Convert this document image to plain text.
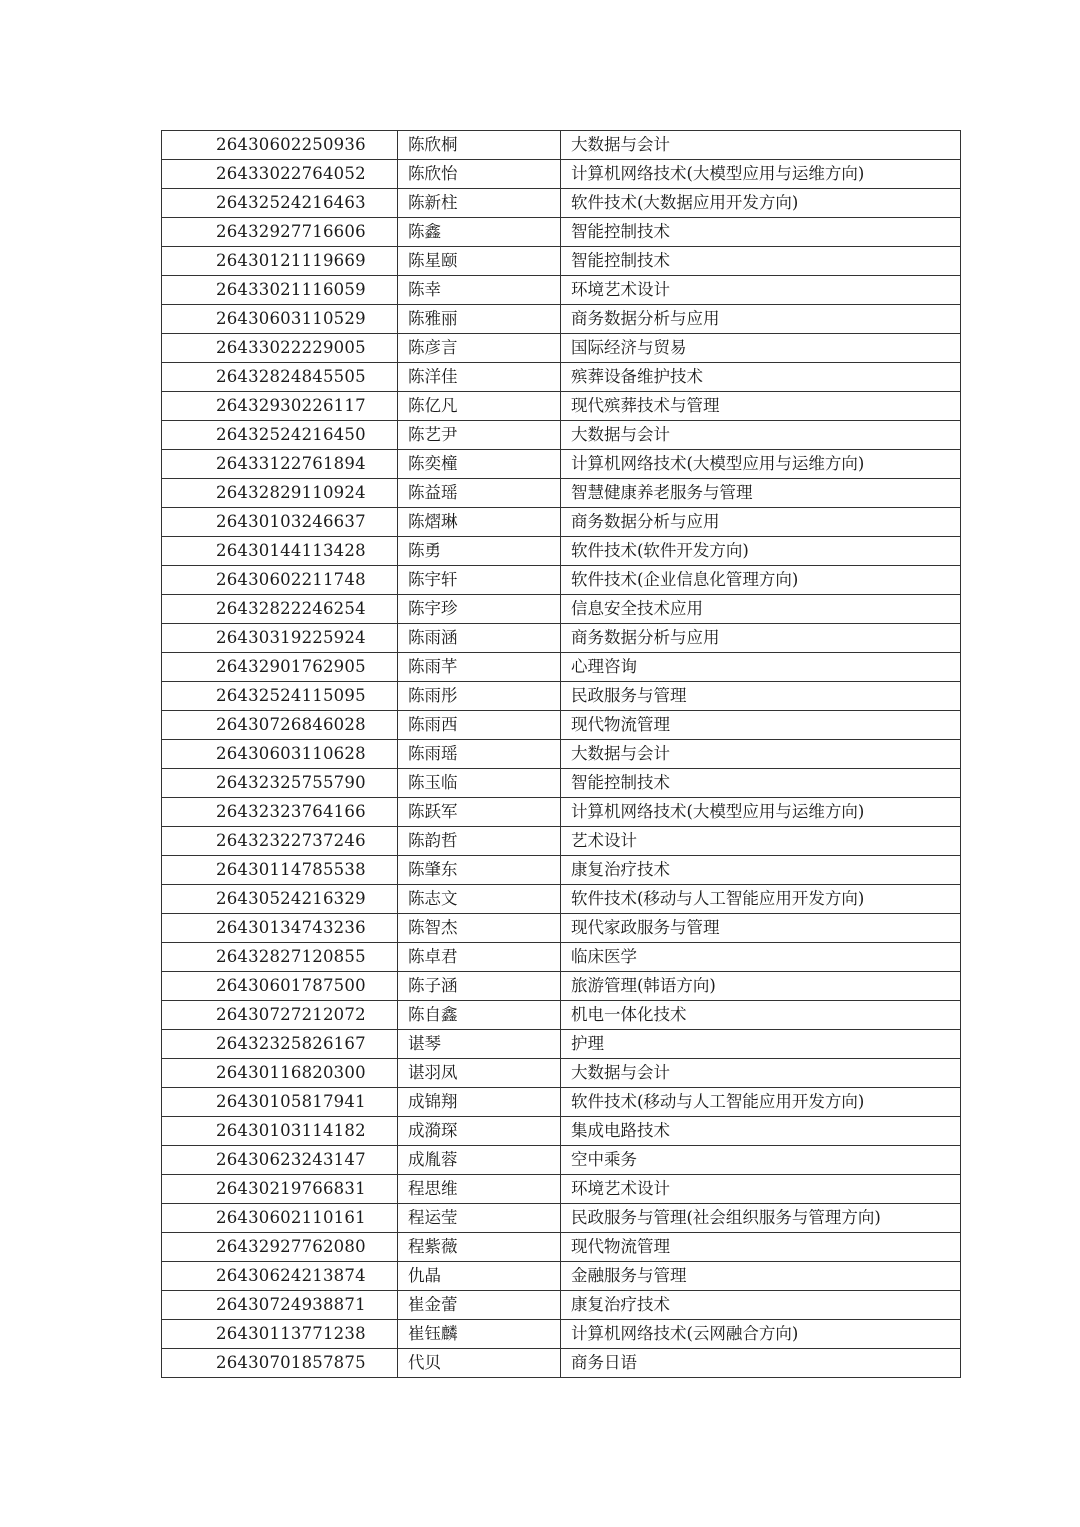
26430602250936	陈欣桐	大数据与会计
26433022764052	陈欣怡	计算机网络技术(大模型应用与运维方向)
26432524216463	陈新柱	软件技术(大数据应用开发方向)
26432927716606	陈鑫	智能控制技术
26430121119669	陈星颐	智能控制技术
26433021116059	陈幸	环境艺术设计
26430603110529	陈雅丽	商务数据分析与应用
26433022229005	陈彦言	国际经济与贸易
26432824845505	陈洋佳	殡葬设备维护技术
26432930226117	陈亿凡	现代殡葬技术与管理
26432524216450	陈艺尹	大数据与会计
26433122761894	陈奕橦	计算机网络技术(大模型应用与运维方向)
26432829110924	陈益瑶	智慧健康养老服务与管理
26430103246637	陈熠琳	商务数据分析与应用
26430144113428	陈勇	软件技术(软件开发方向)
26430602211748	陈宇轩	软件技术(企业信息化管理方向)
26432822246254	陈宇珍	信息安全技术应用
26430319225924	陈雨涵	商务数据分析与应用
26432901762905	陈雨芊	心理咨询
26432524115095	陈雨彤	民政服务与管理
26430726846028	陈雨西	现代物流管理
26430603110628	陈雨瑶	大数据与会计
26432325755790	陈玉临	智能控制技术
26432323764166	陈跃军	计算机网络技术(大模型应用与运维方向)
26432322737246	陈韵哲	艺术设计
26430114785538	陈肇东	康复治疗技术
26430524216329	陈志文	软件技术(移动与人工智能应用开发方向)
26430134743236	陈智杰	现代家政服务与管理
26432827120855	陈卓君	临床医学
26430601787500	陈子涵	旅游管理(韩语方向)
26430727212072	陈自鑫	机电一体化技术
26432325826167	谌琴	护理
26430116820300	谌羽凤	大数据与会计
26430105817941	成锦翔	软件技术(移动与人工智能应用开发方向)
26430103114182	成漪琛	集成电路技术
26430623243147	成胤蓉	空中乘务
26430219766831	程思维	环境艺术设计
26430602110161	程运莹	民政服务与管理(社会组织服务与管理方向)
26432927762080	程紫薇	现代物流管理
26430624213874	仇晶	金融服务与管理
26430724938871	崔金蕾	康复治疗技术
26430113771238	崔钰麟	计算机网络技术(云网融合方向)
26430701857875	代贝	商务日语
